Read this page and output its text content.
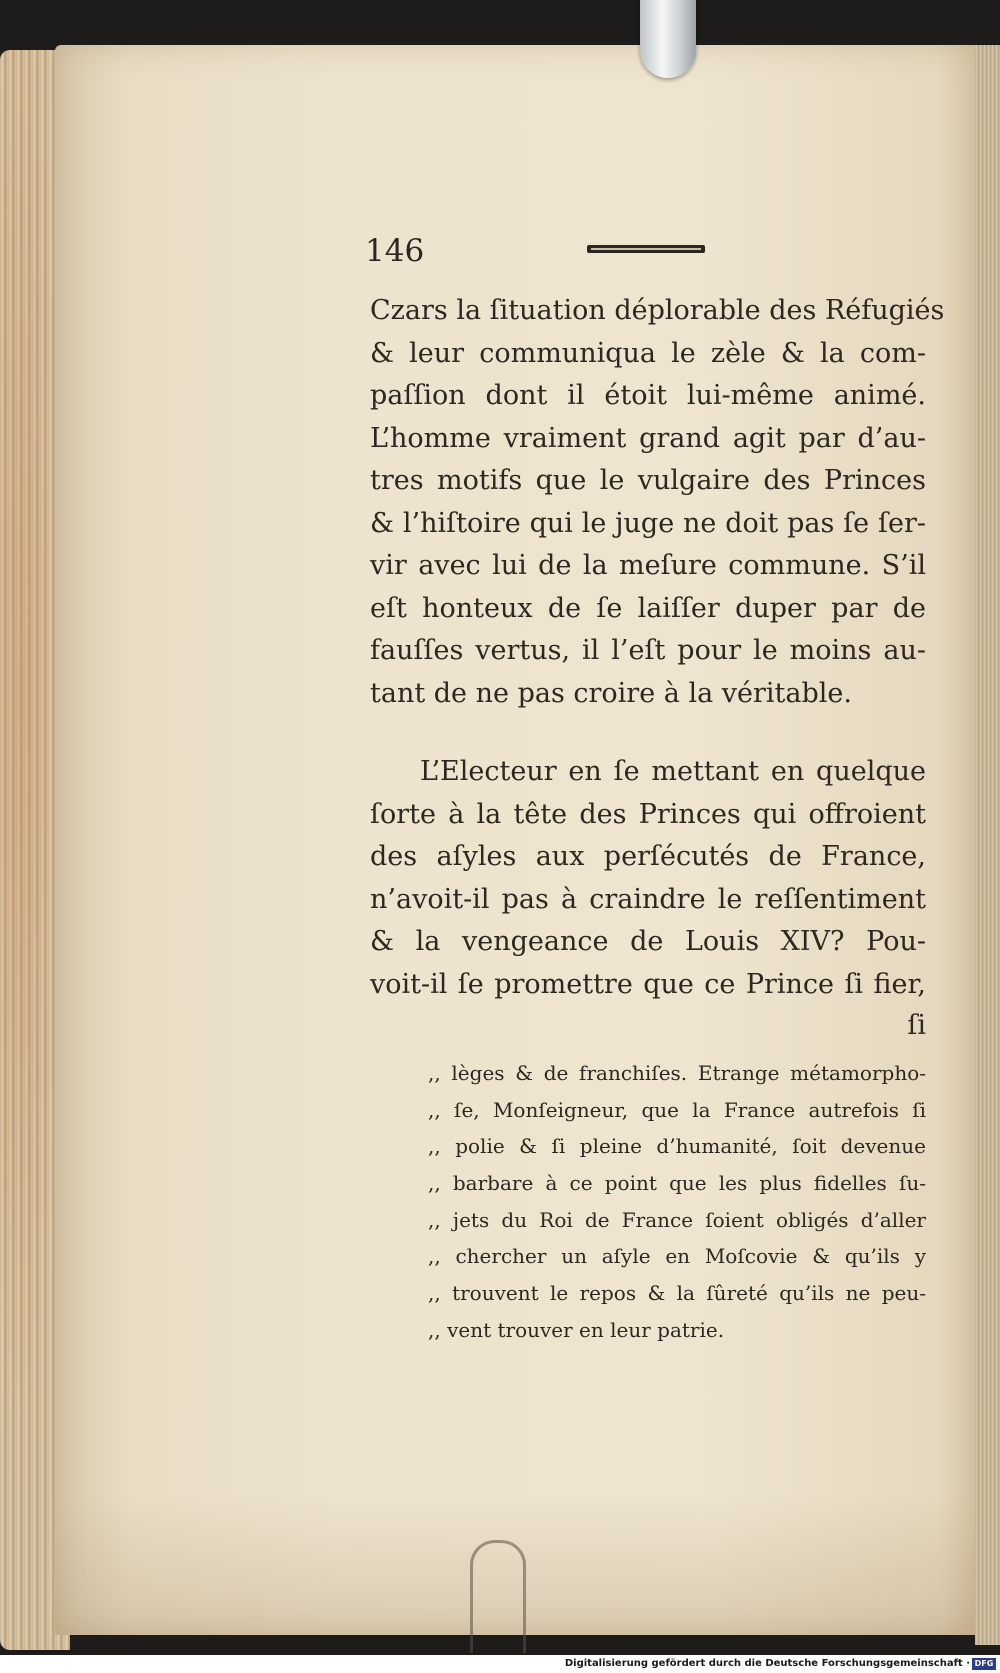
146
Czars la ſituation déplorable des Réfugiés
& leur communiqua le zèle & la com-
paſſion dont il étoit lui-même animé.
L’homme vraiment grand agit par d’au-
tres motifs que le vulgaire des Princes
& l’hiſtoire qui le juge ne doit pas ſe ſer-
vir avec lui de la meſure commune. S’il
eſt honteux de ſe laiſſer duper par de
fauſſes vertus, il l’eſt pour le moins au-
tant de ne pas croire à la véritable.
L’Electeur en ſe mettant en quelque
ſorte à la tête des Princes qui offroient
des aſyles aux perſécutés de France,
n’avoit-il pas à craindre le reſſentiment
& la vengeance de Louis XIV? Pou-
voit-il ſe promettre que ce Prince ſi fier,
ſi
,, lèges & de franchiſes. Etrange métamorpho-
,, ſe, Monſeigneur, que la France autrefois ſi
,, polie & ſi pleine d’humanité, ſoit devenue
,, barbare à ce point que les plus fidelles ſu-
,, jets du Roi de France ſoient obligés d’aller
,, chercher un aſyle en Moſcovie & qu’ils y
,, trouvent le repos & la ſûreté qu’ils ne peu-
,, vent trouver en leur patrie.
Digitalisierung gefördert durch die Deutsche Forschungsgemeinschaft · DFG
